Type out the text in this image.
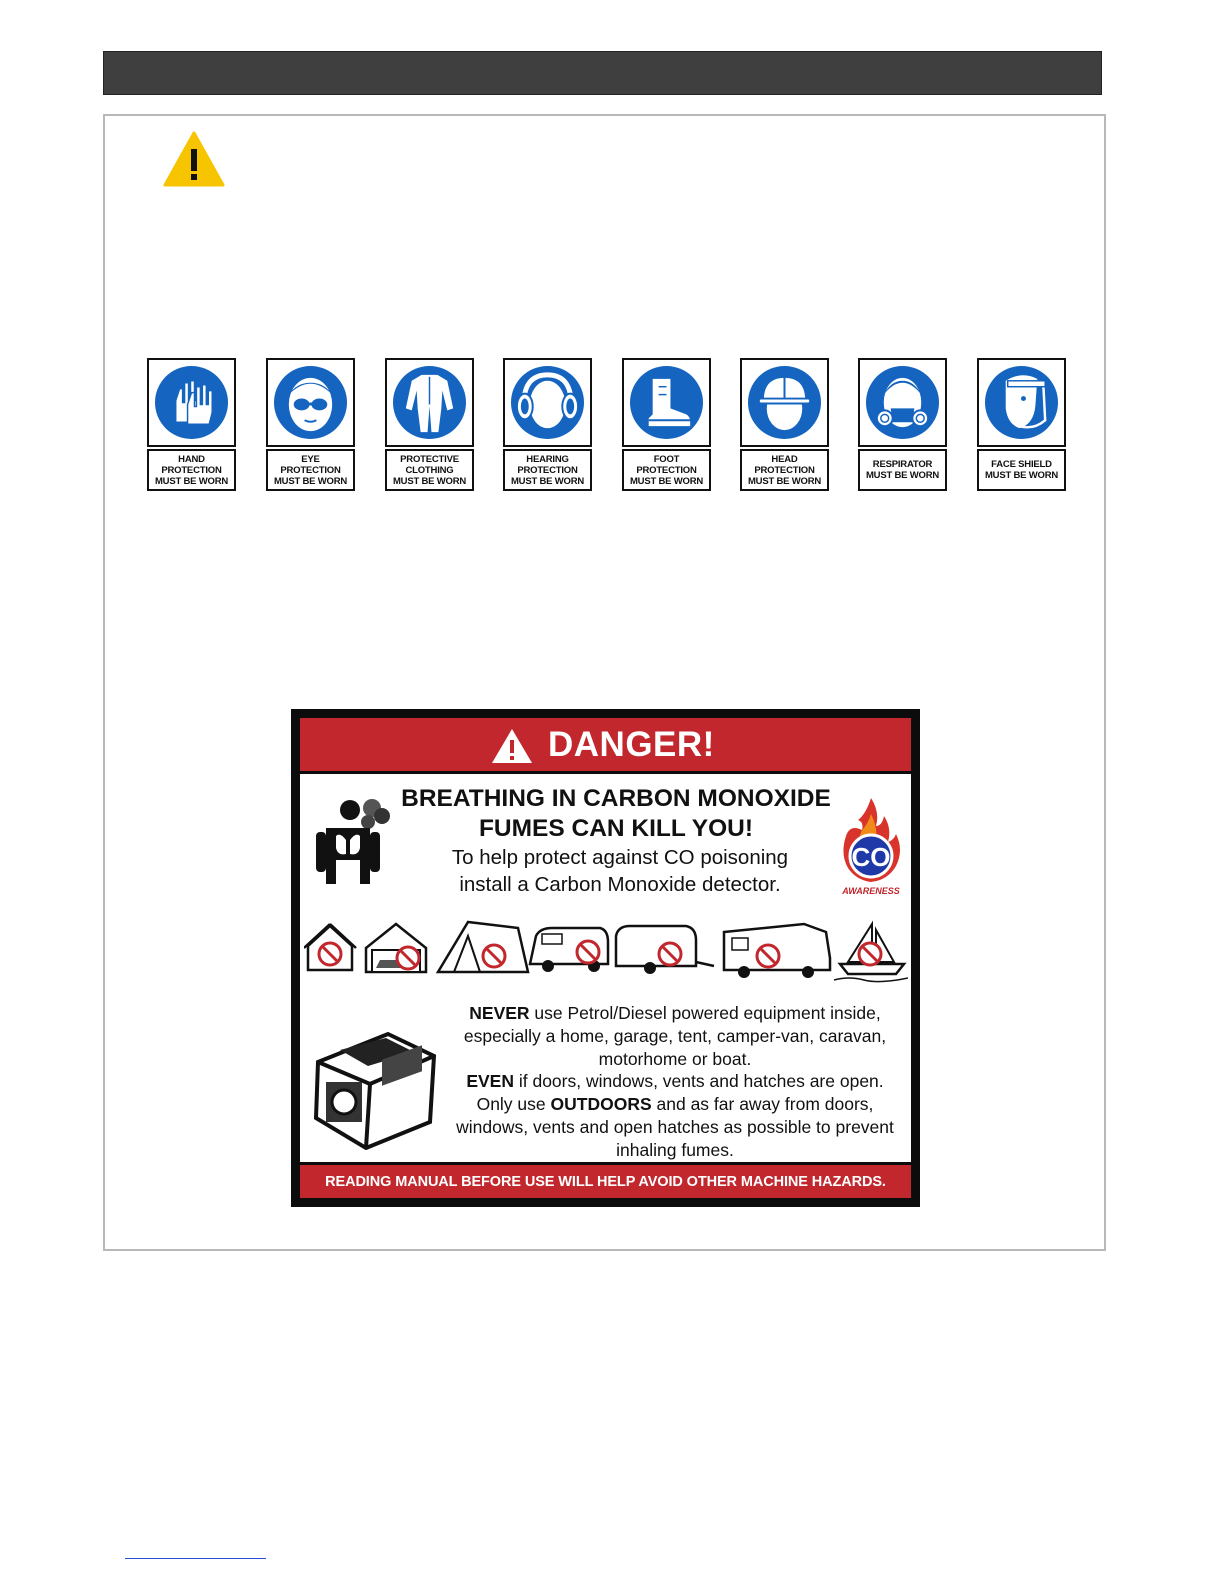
HAND
PROTECTION
MUST BE WORN
EYE
PROTECTION
MUST BE WORN
PROTECTIVE
CLOTHING
MUST BE WORN
HEARING
PROTECTION
MUST BE WORN
FOOT
PROTECTION
MUST BE WORN
HEAD
PROTECTION
MUST BE WORN
RESPIRATOR
MUST BE WORN
FACE SHIELD
MUST BE WORN
DANGER!
BREATHING IN CARBON MONOXIDE
FUMES CAN KILL YOU!
To help protect against CO poisoning
install a Carbon Monoxide detector.
CO
AWARENESS
NEVER use Petrol/Diesel powered equipment inside, especially a home, garage, tent, camper-van, caravan, motorhome or boat.
EVEN if doors, windows, vents and hatches are open.
Only use OUTDOORS and as far away from doors, windows, vents and open hatches as possible to prevent inhaling fumes.
READING MANUAL BEFORE USE WILL HELP AVOID OTHER MACHINE HAZARDS.
